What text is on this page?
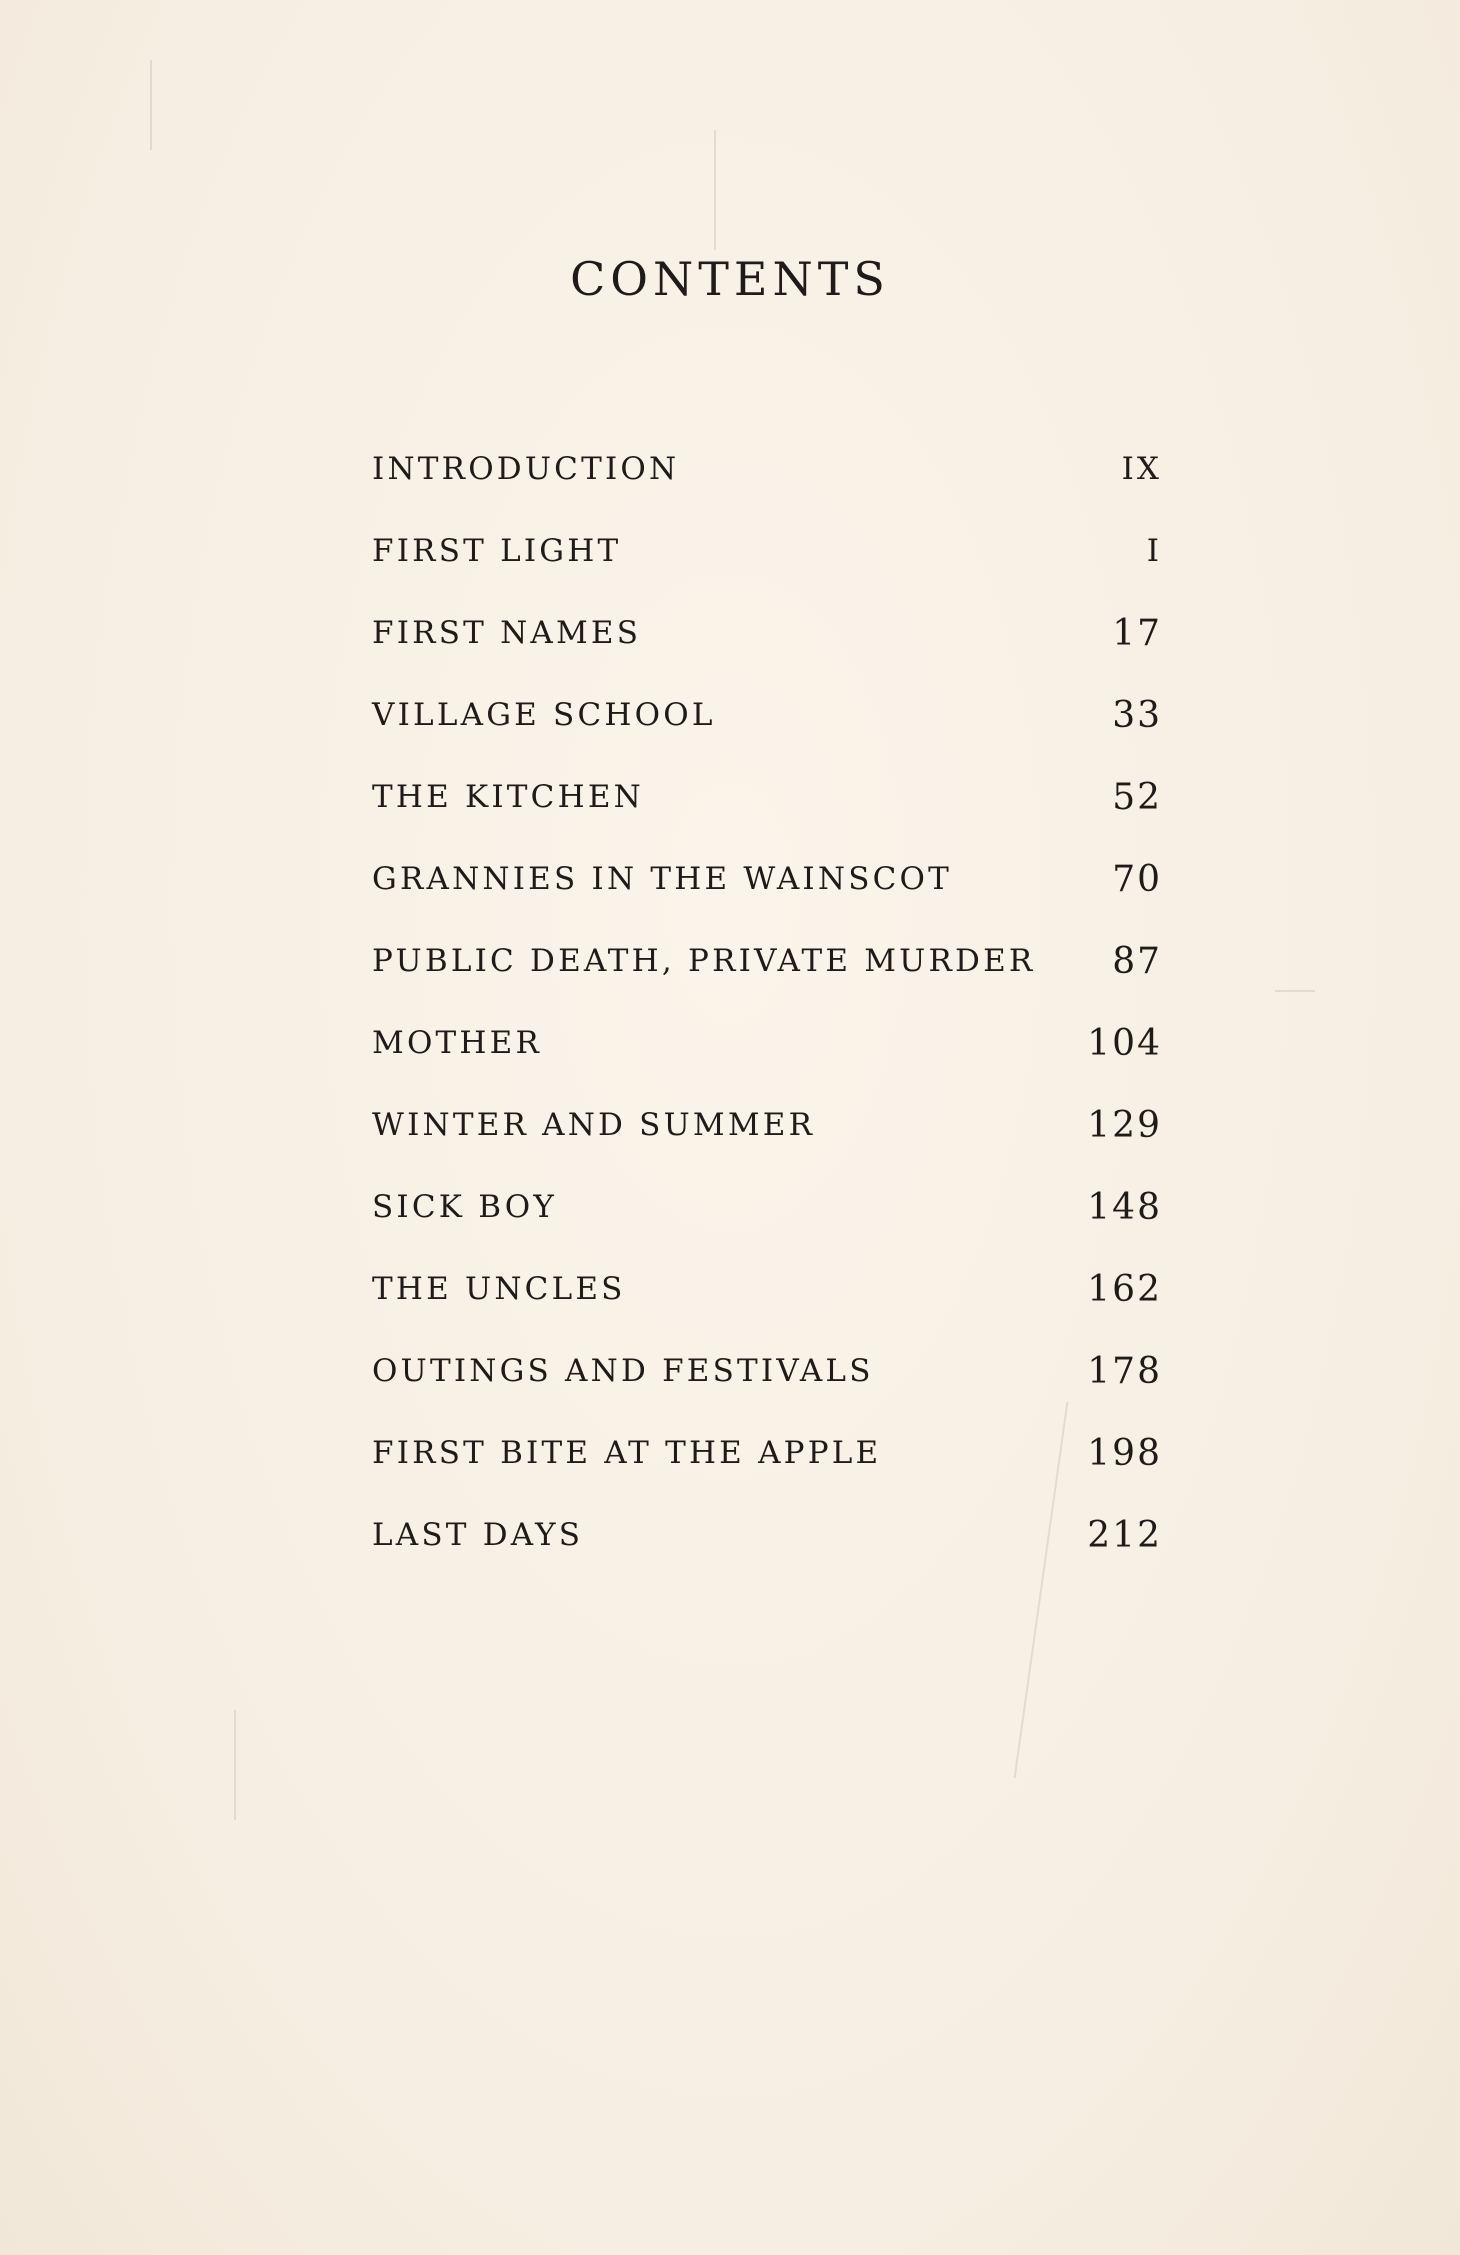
CONTENTS
INTRODUCTION	IX
FIRST LIGHT	I
FIRST NAMES	17
VILLAGE SCHOOL	33
THE KITCHEN	52
GRANNIES IN THE WAINSCOT	70
PUBLIC DEATH, PRIVATE MURDER 87
MOTHER	104
WINTER AND SUMMER	129
SICK BOY	148
THE UNCLES	162
OUTINGS AND FESTIVALS	178
FIRST BITE AT THE APPLE	198
LAST DAYS	212
